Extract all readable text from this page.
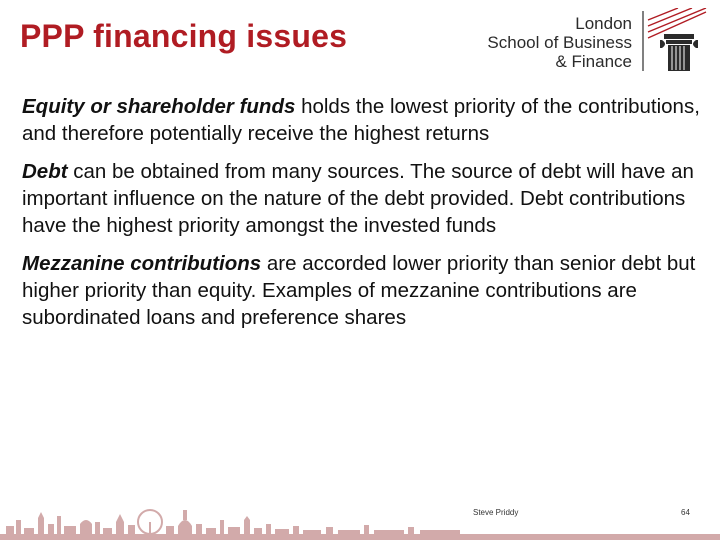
PPP financing issues	London
School of Business
& Finance

Equity or shareholder funds holds the lowest priority of the contributions, and therefore potentially receive the highest returns

Debt can be obtained from many sources. The source of debt will have an important influence on the nature of the debt provided. Debt contributions have the highest priority amongst the invested funds

Mezzanine contributions are accorded lower priority than senior debt but higher priority than equity. Examples of mezzanine contributions are subordinated loans and preference shares

Steve Priddy	64
